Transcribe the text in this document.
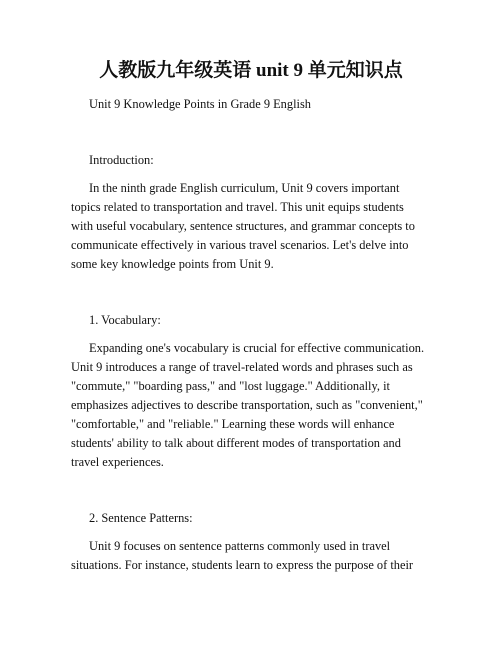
人教版九年级英语 unit 9 单元知识点

Unit 9 Knowledge Points in Grade 9 English

Introduction:

In the ninth grade English curriculum, Unit 9 covers important

topics related to transportation and travel. This unit equips students

with useful vocabulary, sentence structures, and grammar concepts to

communicate effectively in various travel scenarios. Let's delve into

some key knowledge points from Unit 9.

1. Vocabulary:

Expanding one's vocabulary is crucial for effective communication.

Unit 9 introduces a range of travel-related words and phrases such as

"commute," "boarding pass," and "lost luggage." Additionally, it

emphasizes adjectives to describe transportation, such as "convenient,"

"comfortable," and "reliable." Learning these words will enhance

students' ability to talk about different modes of transportation and

travel experiences.

2. Sentence Patterns:

Unit 9 focuses on sentence patterns commonly used in travel

situations. For instance, students learn to express the purpose of their
